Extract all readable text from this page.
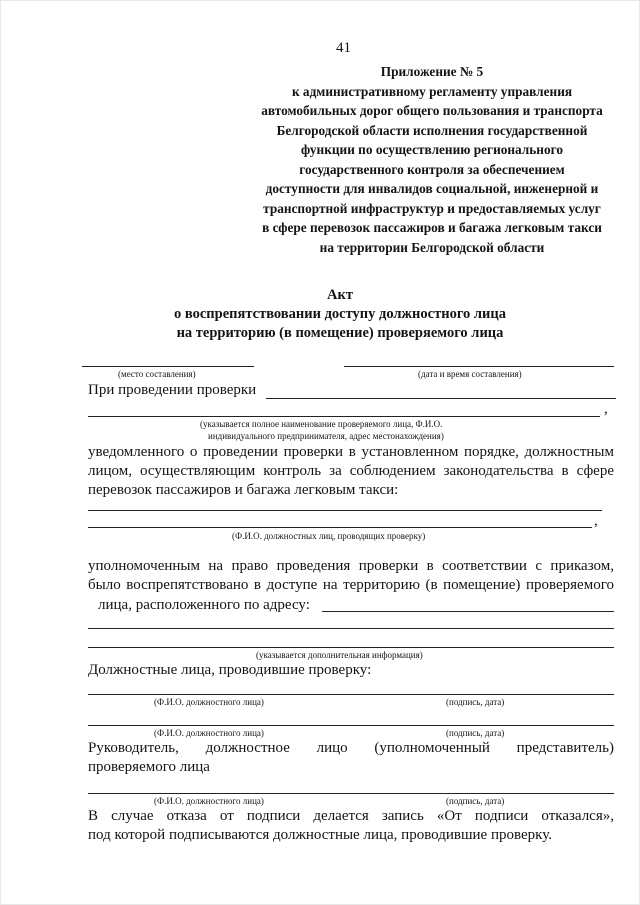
41
Приложение № 5
к административному регламенту управления
автомобильных дорог общего пользования и транспорта
Белгородской области исполнения государственной
функции по осуществлению регионального
государственного контроля за обеспечением
доступности для инвалидов социальной, инженерной и
транспортной инфраструктур и предоставляемых услуг
в сфере перевозок пассажиров и багажа легковым такси
на территории Белгородской области
Акт
о воспрепятствовании доступу должностного лица
на территорию (в помещение) проверяемого лица
(место составления)	(дата и время составления)
При проведении проверки
,
(указывается полное наименование проверяемого лица, Ф.И.О.
индивидуального предпринимателя, адрес местонахождения)
уведомленного о проведении проверки в установленном порядке, должностным
лицом, осуществляющим контроль за соблюдением законодательства в сфере
перевозок пассажиров и багажа легковым такси:
,
(Ф.И.О. должностных лиц, проводящих проверку)
уполномоченным на право проведения проверки в соответствии с приказом,
было воспрепятствовано в доступе на территорию (в помещение) проверяемого
лица, расположенного по адресу:
(указывается дополнительная информация)
Должностные лица, проводившие проверку:
(Ф.И.О. должностного лица)	(подпись, дата)
(Ф.И.О. должностного лица)	(подпись, дата)
Руководитель, должностное лицо (уполномоченный представитель)
проверяемого лица
(Ф.И.О. должностного лица)	(подпись, дата)
В случае отказа от подписи делается запись «От подписи отказался»,
под которой подписываются должностные лица, проводившие проверку.
